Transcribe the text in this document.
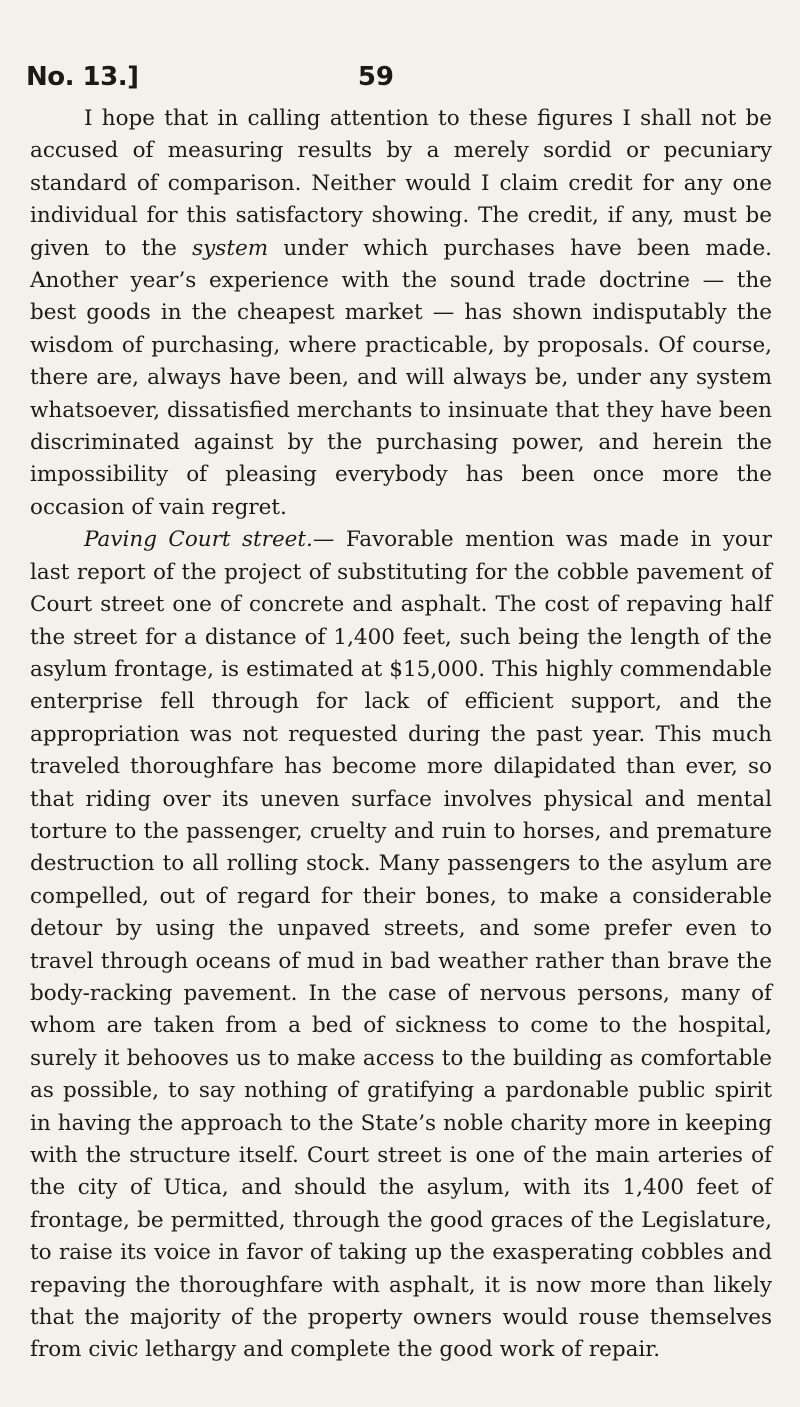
No. 13.]	59

I hope that in calling attention to these figures I shall not be accused of measuring results by a merely sordid or pecuniary standard of comparison. Neither would I claim credit for any one individual for this satisfactory showing. The credit, if any, must be given to the system under which purchases have been made. Another year’s experience with the sound trade doctrine — the best goods in the cheapest market — has shown indisputably the wisdom of purchasing, where practicable, by proposals. Of course, there are, always have been, and will always be, under any system whatsoever, dissatisfied merchants to insinuate that they have been discriminated against by the purchasing power, and herein the impossibility of pleasing everybody has been once more the occasion of vain regret.

Paving Court street.— Favorable mention was made in your last report of the project of substituting for the cobble pavement of Court street one of concrete and asphalt. The cost of repaving half the street for a distance of 1,400 feet, such being the length of the asylum frontage, is estimated at $15,000. This highly commendable enterprise fell through for lack of efficient support, and the appropriation was not requested during the past year. This much traveled thoroughfare has become more dilapidated than ever, so that riding over its uneven surface involves physical and mental torture to the passenger, cruelty and ruin to horses, and premature destruction to all rolling stock. Many passengers to the asylum are compelled, out of regard for their bones, to make a considerable detour by using the unpaved streets, and some prefer even to travel through oceans of mud in bad weather rather than brave the body-racking pavement. In the case of nervous persons, many of whom are taken from a bed of sickness to come to the hospital, surely it behooves us to make access to the building as comfortable as possible, to say nothing of gratifying a pardonable public spirit in having the approach to the State’s noble charity more in keeping with the structure itself. Court street is one of the main arteries of the city of Utica, and should the asylum, with its 1,400 feet of frontage, be permitted, through the good graces of the Legislature, to raise its voice in favor of taking up the exasperating cobbles and repaving the thoroughfare with asphalt, it is now more than likely that the majority of the property owners would rouse themselves from civic lethargy and complete the good work of repair.
